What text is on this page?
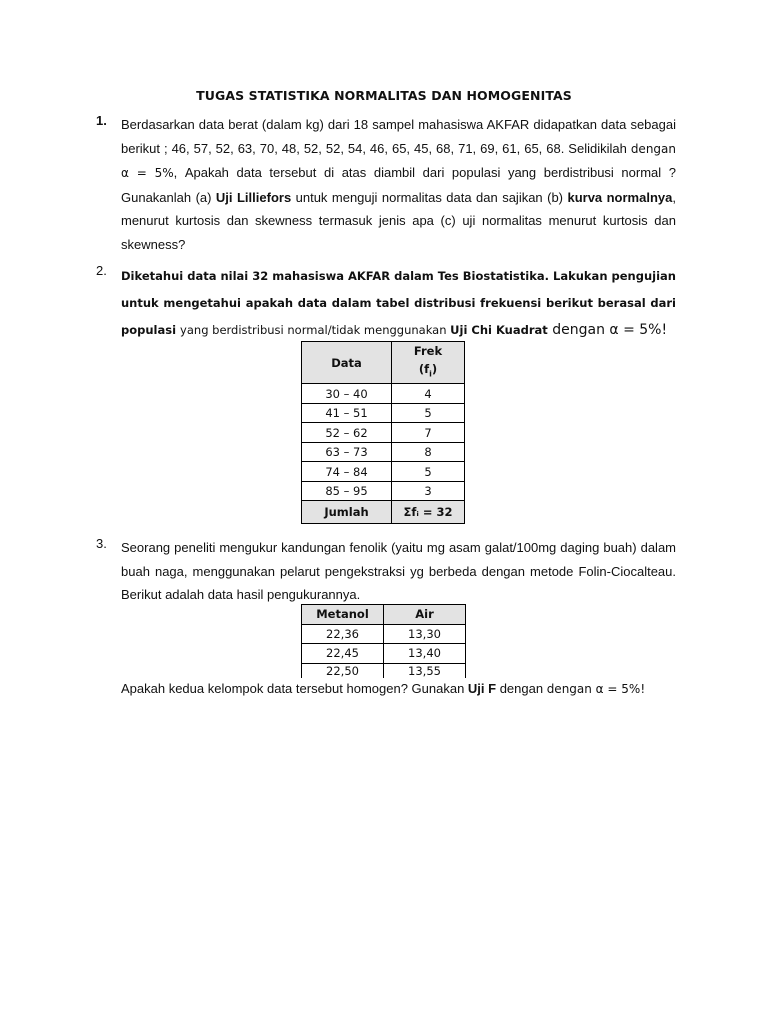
TUGAS STATISTIKA NORMALITAS DAN HOMOGENITAS
1. Berdasarkan data berat (dalam kg) dari 18 sampel mahasiswa AKFAR didapatkan data sebagai berikut ; 46, 57, 52, 63, 70, 48, 52, 52, 54, 46, 65, 45, 68, 71, 69, 61, 65, 68. Selidikilah dengan α = 5%, Apakah data tersebut di atas diambil dari populasi yang berdistribusi normal ? Gunakanlah (a) Uji Lilliefors untuk menguji normalitas data dan sajikan (b) kurva normalnya, menurut kurtosis dan skewness termasuk jenis apa (c) uji normalitas menurut kurtosis dan skewness?
2. Diketahui data nilai 32 mahasiswa AKFAR dalam Tes Biostatistika. Lakukan pengujian untuk mengetahui apakah data dalam tabel distribusi frekuensi berikut berasal dari populasi yang berdistribusi normal/tidak menggunakan Uji Chi Kuadrat dengan α = 5%!
Data	Frek
$(f_i)$

30 – 40	4
41 – 51	5
52 – 62	7
63 – 73	8
74 – 84	5
85 – 95	3
Jumlah	Σfᵢ = 32
3. Seorang peneliti mengukur kandungan fenolik (yaitu mg asam galat/100mg daging buah) dalam buah naga, menggunakan pelarut pengekstraksi yg berbeda dengan metode Folin-Ciocalteau. Berikut adalah data hasil pengukurannya.
Metanol	Air
22,36	13,30
22,45	13,40
22,50	13,55
Apakah kedua kelompok data tersebut homogen? Gunakan Uji F dengan dengan α = 5%!
